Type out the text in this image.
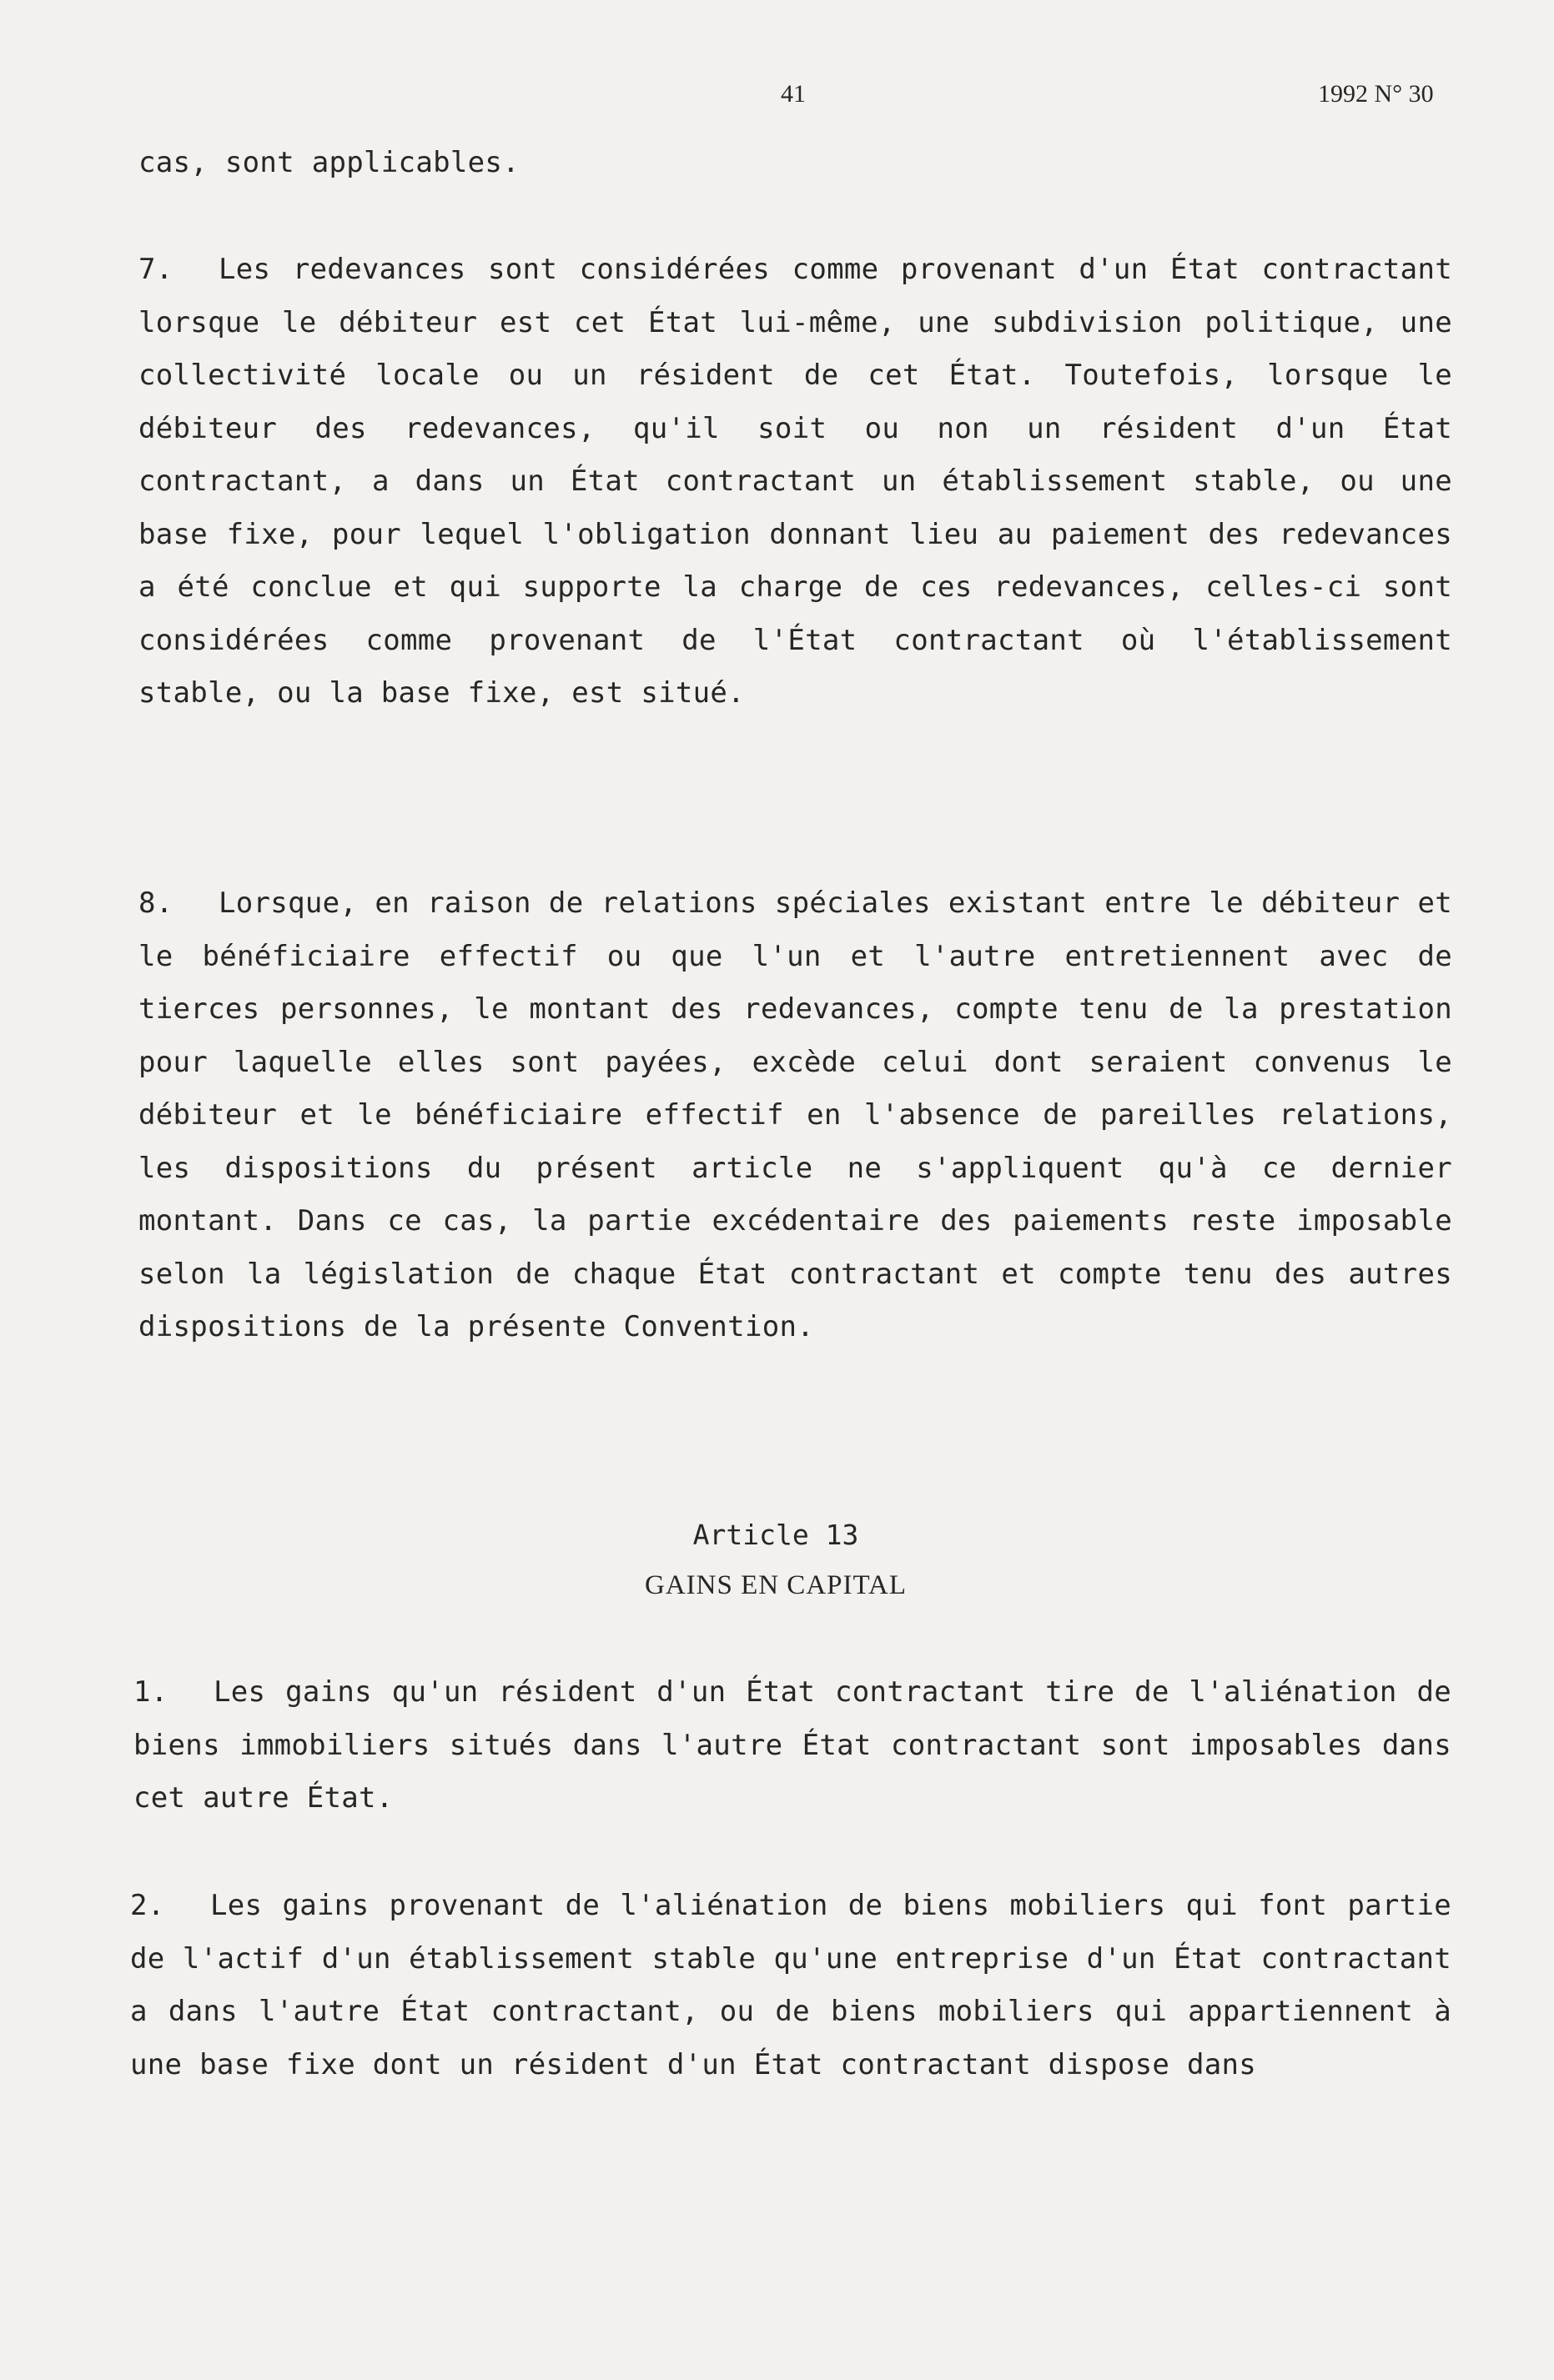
41	1992 N° 30
cas, sont applicables.
7. Les redevances sont considérées comme provenant d'un État contractant lorsque le débiteur est cet État lui-même, une subdivision politique, une collectivité locale ou un résident de cet État. Toutefois, lorsque le débiteur des redevances, qu'il soit ou non un résident d'un État contractant, a dans un État contractant un établissement stable, ou une base fixe, pour lequel l'obligation donnant lieu au paiement des redevances a été conclue et qui supporte la charge de ces redevances, celles-ci sont considérées comme provenant de l'État contractant où l'établissement stable, ou la base fixe, est situé.
8. Lorsque, en raison de relations spéciales existant entre le débiteur et le bénéficiaire effectif ou que l'un et l'autre entretiennent avec de tierces personnes, le montant des redevances, compte tenu de la prestation pour laquelle elles sont payées, excède celui dont seraient convenus le débiteur et le bénéficiaire effectif en l'absence de pareilles relations, les dispositions du présent article ne s'appliquent qu'à ce dernier montant. Dans ce cas, la partie excédentaire des paiements reste imposable selon la législation de chaque État contractant et compte tenu des autres dispositions de la présente Convention.
Article 13
GAINS EN CAPITAL
1. Les gains qu'un résident d'un État contractant tire de l'aliénation de biens immobiliers situés dans l'autre État contractant sont imposables dans cet autre État.
2. Les gains provenant de l'aliénation de biens mobiliers qui font partie de l'actif d'un établissement stable qu'une entreprise d'un État contractant a dans l'autre État contractant, ou de biens mobiliers qui appartiennent à une base fixe dont un résident d'un État contractant dispose dans
